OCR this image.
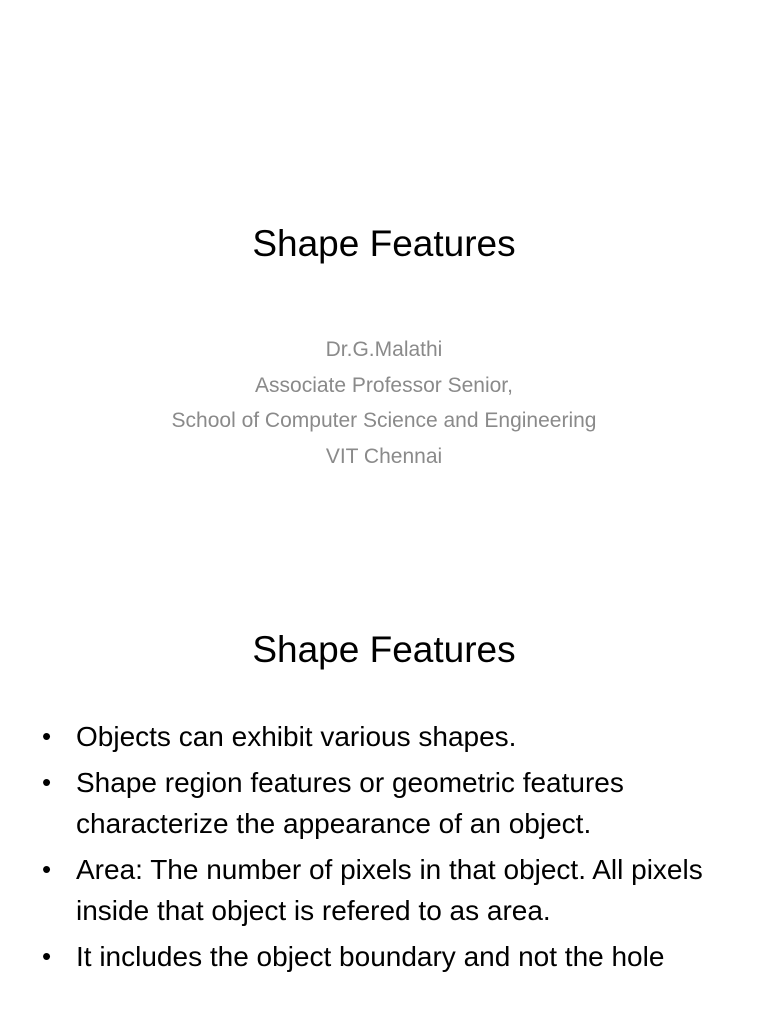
Shape Features
Dr.G.Malathi
Associate Professor Senior,
School of Computer Science and Engineering
VIT Chennai
Shape Features
• Objects can exhibit various shapes.
• Shape region features or geometric features characterize the appearance of an object.
• Area: The number of pixels in that object. All pixels inside that object is refered to as area.
• It includes the object boundary and not the hole
